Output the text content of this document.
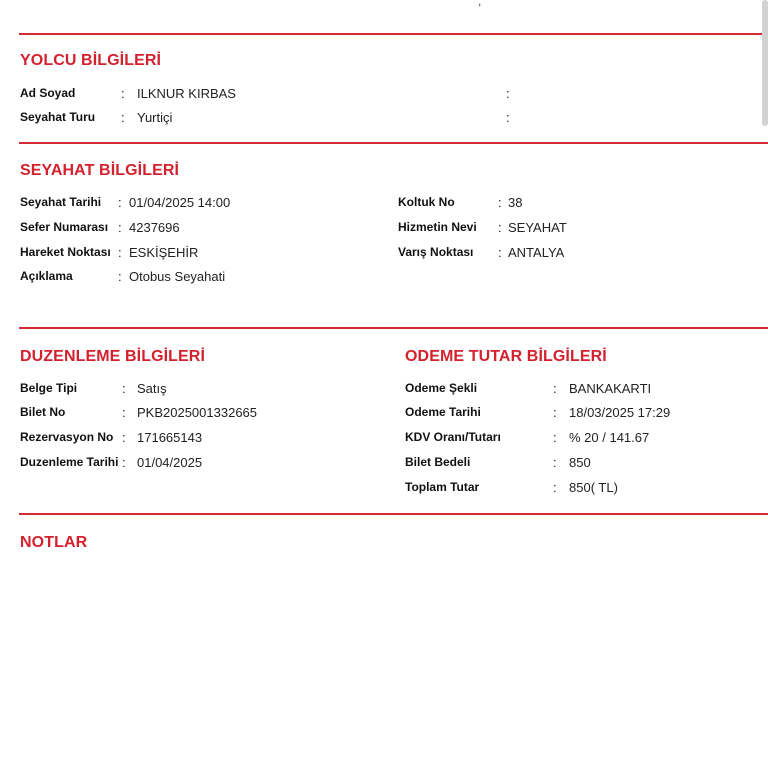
,
YOLCU BİLGİLERİ
Ad Soyad	: ILKNUR KIRBAS	:
Seyahat Turu : Yurtiçi	:
SEYAHAT BİLGİLERİ
Seyahat Tarihi : 01/04/2025 14:00
Sefer Numarası : 4237696
Hareket Noktası : ESKİŞEHİR
Açıklama	: Otobus Seyahati
Koltuk No	: 38
Hizmetin Nevi : SEYAHAT
Varış Noktası : ANTALYA
DUZENLEME BİLGİLERİ	ODEME TUTAR BİLGİLERİ
Belge Tipi	: Satış
Bilet No	: PKB2025001332665
Rezervasyon No : 171665143
Duzenleme Tarihi : 01/04/2025
Odeme Şekli	: BANKAKARTI
Odeme Tarihi	: 18/03/2025 17:29
KDV Oranı/Tutarı	: % 20 / 141.67
Bilet Bedeli	: 850
Toplam Tutar	: 850( TL)
NOTLAR
